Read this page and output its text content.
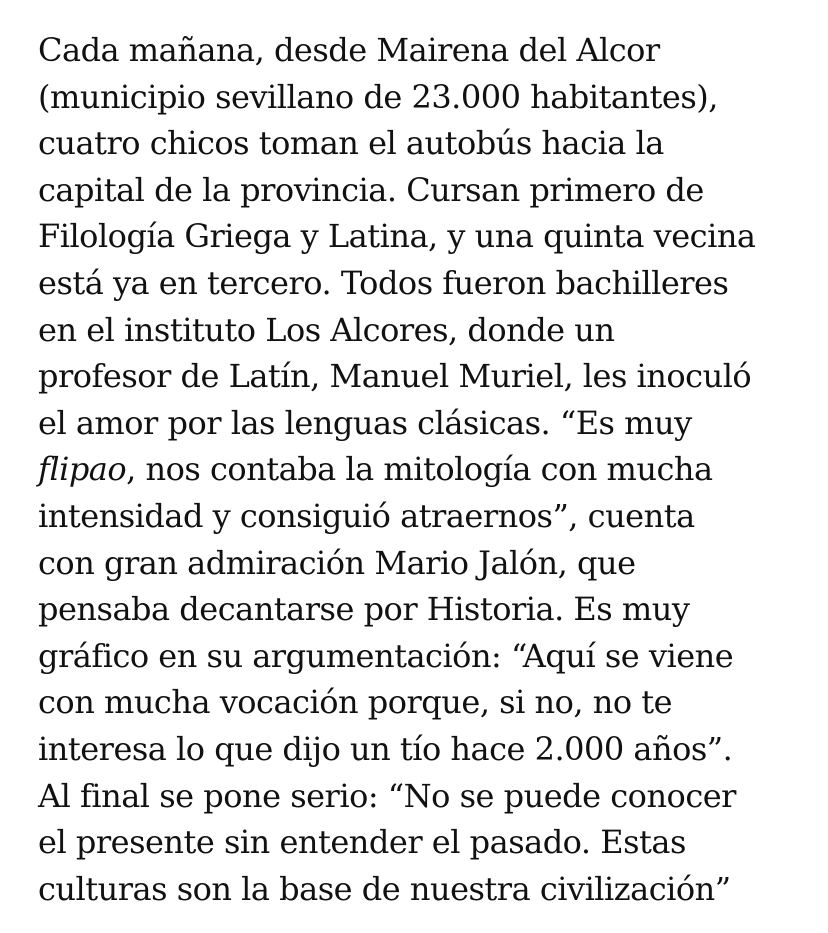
Cada mañana, desde Mairena del Alcor
(municipio sevillano de 23.000 habitantes),
cuatro chicos toman el autobús hacia la
capital de la provincia. Cursan primero de
Filología Griega y Latina, y una quinta vecina
está ya en tercero. Todos fueron bachilleres
en el instituto Los Alcores, donde un
profesor de Latín, Manuel Muriel, les inoculó
el amor por las lenguas clásicas. “Es muy
flipao, nos contaba la mitología con mucha
intensidad y consiguió atraernos”, cuenta
con gran admiración Mario Jalón, que
pensaba decantarse por Historia. Es muy
gráfico en su argumentación: “Aquí se viene
con mucha vocación porque, si no, no te
interesa lo que dijo un tío hace 2.000 años”.
Al final se pone serio: “No se puede conocer
el presente sin entender el pasado. Estas
culturas son la base de nuestra civilización”
